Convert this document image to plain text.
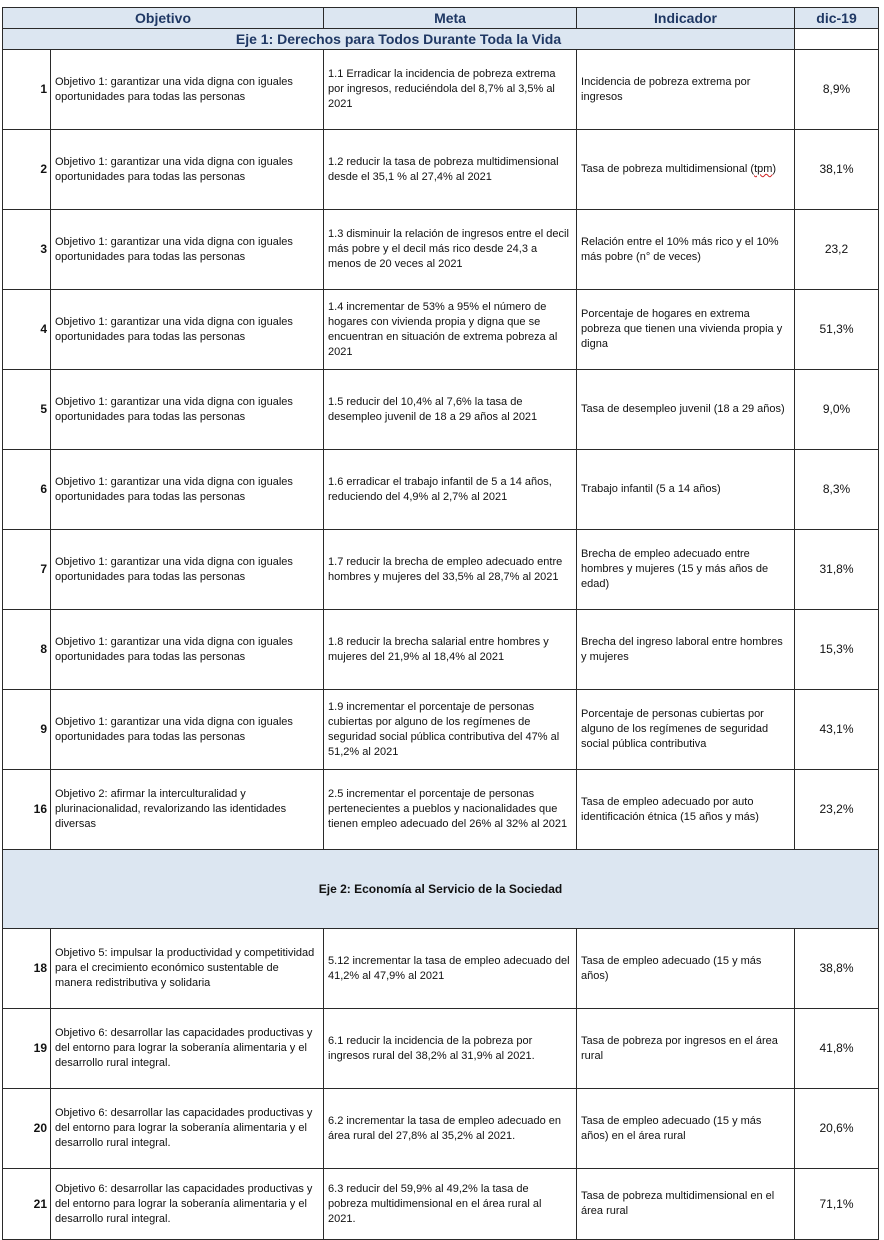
Objetivo		Meta	Indicador	dic-19
Eje 1: Derechos para Todos Durante Toda la Vida				
1	Objetivo 1: garantizar una vida digna con iguales oportunidades para todas las personas	1.1 Erradicar la incidencia de pobreza extrema por ingresos, reduciéndola del 8,7% al 3,5% al 2021	Incidencia de pobreza extrema por ingresos	8,9%
2	Objetivo 1: garantizar una vida digna con iguales oportunidades para todas las personas	1.2 reducir la tasa de pobreza multidimensional desde el 35,1 % al 27,4% al 2021	Tasa de pobreza multidimensional (tpm)	38,1%
3	Objetivo 1: garantizar una vida digna con iguales oportunidades para todas las personas	1.3 disminuir la relación de ingresos entre el decil más pobre y el decil más rico desde 24,3 a menos de 20 veces al 2021	Relación entre el 10% más rico y el 10% más pobre (n° de veces)	23,2
4	Objetivo 1: garantizar una vida digna con iguales oportunidades para todas las personas	1.4 incrementar de 53% a 95% el número de hogares con vivienda propia y digna que se encuentran en situación de extrema pobreza al 2021	Porcentaje de hogares en extrema pobreza que tienen una vivienda propia y digna	51,3%
5	Objetivo 1: garantizar una vida digna con iguales oportunidades para todas las personas	1.5 reducir del 10,4% al 7,6% la tasa de desempleo juvenil de 18 a 29 años al 2021	Tasa de desempleo juvenil (18 a 29 años)	9,0%
6	Objetivo 1: garantizar una vida digna con iguales oportunidades para todas las personas	1.6 erradicar el trabajo infantil de 5 a 14 años, reduciendo del 4,9% al 2,7% al 2021	Trabajo infantil (5 a 14 años)	8,3%
7	Objetivo 1: garantizar una vida digna con iguales oportunidades para todas las personas	1.7 reducir la brecha de empleo adecuado entre hombres y mujeres del 33,5% al 28,7% al 2021	Brecha de empleo adecuado entre hombres y mujeres (15 y más años de edad)	31,8%
8	Objetivo 1: garantizar una vida digna con iguales oportunidades para todas las personas	1.8 reducir la brecha salarial entre hombres y mujeres del 21,9% al 18,4% al 2021	Brecha del ingreso laboral entre hombres y mujeres	15,3%
9	Objetivo 1: garantizar una vida digna con iguales oportunidades para todas las personas	1.9 incrementar el porcentaje de personas cubiertas por alguno de los regímenes de seguridad social pública contributiva del 47% al 51,2% al 2021	Porcentaje de personas cubiertas por alguno de los regímenes de seguridad social pública contributiva	43,1%
16	Objetivo 2: afirmar la interculturalidad y plurinacionalidad, revalorizando las identidades diversas	2.5 incrementar el porcentaje de personas pertenecientes a pueblos y nacionalidades que tienen empleo adecuado del 26% al 32% al 2021	Tasa de empleo adecuado por auto identificación étnica (15 años y más)	23,2%
Eje 2: Economía al Servicio de la Sociedad				
18	Objetivo 5: impulsar la productividad y competitividad para el crecimiento económico sustentable de manera redistributiva y solidaria	5.12 incrementar la tasa de empleo adecuado del 41,2% al 47,9% al 2021	Tasa de empleo adecuado (15 y más años)	38,8%
19	Objetivo 6: desarrollar las capacidades productivas y del entorno para lograr la soberanía alimentaria y el desarrollo rural integral.	6.1 reducir la incidencia de la pobreza por ingresos rural del 38,2% al 31,9% al 2021.	Tasa de pobreza por ingresos en el área rural	41,8%
20	Objetivo 6: desarrollar las capacidades productivas y del entorno para lograr la soberanía alimentaria y el desarrollo rural integral.	6.2 incrementar la tasa de empleo adecuado en área rural del 27,8% al 35,2% al 2021.	Tasa de empleo adecuado (15 y más años) en el área rural	20,6%
21	Objetivo 6: desarrollar las capacidades productivas y del entorno para lograr la soberanía alimentaria y el desarrollo rural integral.	6.3 reducir del 59,9% al 49,2% la tasa de pobreza multidimensional en el área rural al 2021.	Tasa de pobreza multidimensional en el área rural	71,1%
